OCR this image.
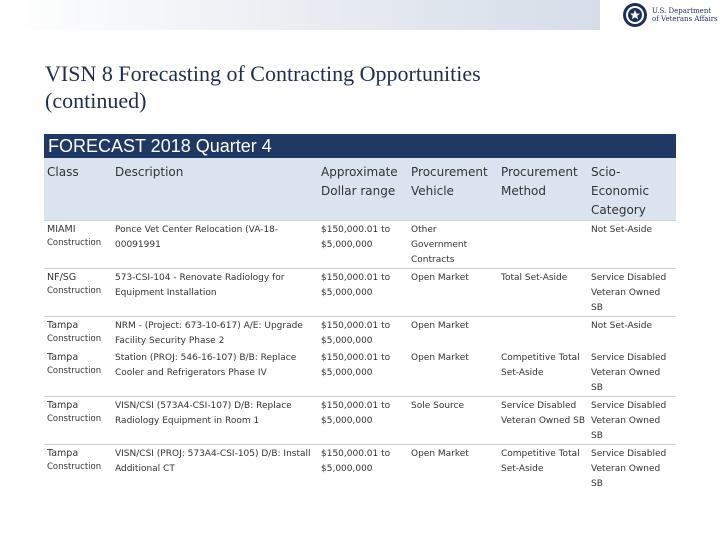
U.S. Department
of Veterans Affairs
VISN 8 Forecasting of Contracting Opportunities
(continued)
FORECAST 2018 Quarter 4
Class	Description	Approximate Dollar range	Procurement Vehicle	Procurement Method	Scio-Economic Category
MIAMI
Construction	Ponce Vet Center Relocation (VA-18-00091991	$150,000.01 to $5,000,000	Other Government Contracts		Not Set-Aside
NF/SG
Construction	573-CSI-104 - Renovate Radiology for Equipment Installation	$150,000.01 to $5,000,000	Open Market	Total Set-Aside	Service Disabled Veteran Owned SB
Tampa
Construction	NRM - (Project: 673-10-617) A/E: Upgrade Facility Security Phase 2	$150,000.01 to $5,000,000	Open Market		Not Set-Aside
Tampa
Construction	Station (PROJ: 546-16-107) B/B: Replace Cooler and Refrigerators Phase IV	$150,000.01 to $5,000,000	Open Market	Competitive Total Set-Aside	Service Disabled Veteran Owned SB
Tampa
Construction	VISN/CSI (573A4-CSI-107) D/B: Replace Radiology Equipment in Room 1	$150,000.01 to $5,000,000	Sole Source	Service Disabled Veteran Owned SB	Service Disabled Veteran Owned SB
Tampa
Construction	VISN/CSI (PROJ: 573A4-CSI-105) D/B: Install Additional CT	$150,000.01 to $5,000,000	Open Market	Competitive Total Set-Aside	Service Disabled Veteran Owned SB
